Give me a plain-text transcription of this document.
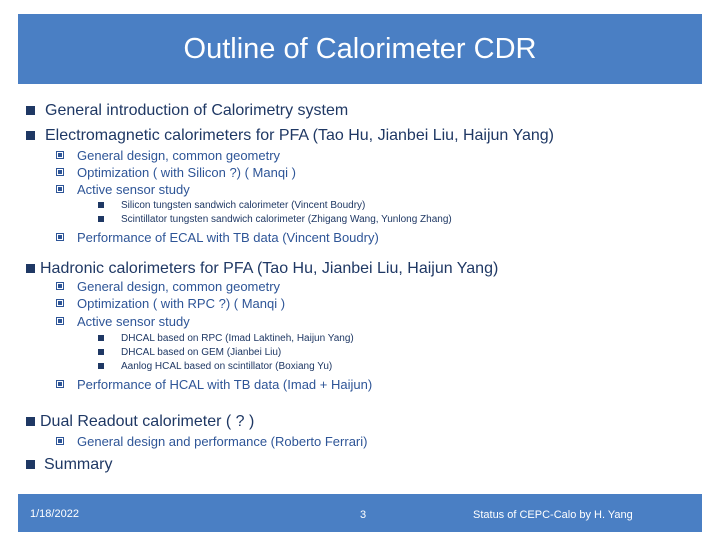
Outline of Calorimeter CDR
General introduction of Calorimetry system
Electromagnetic calorimeters for PFA (Tao Hu, Jianbei Liu, Haijun Yang)
General design, common geometry
Optimization ( with Silicon ?) ( Manqi )
Active sensor study
Silicon tungsten sandwich calorimeter (Vincent Boudry)
Scintillator tungsten sandwich calorimeter (Zhigang Wang, Yunlong Zhang)
Performance of ECAL with TB data (Vincent Boudry)
Hadronic calorimeters for PFA (Tao Hu, Jianbei Liu, Haijun Yang)
General design, common geometry
Optimization ( with RPC ?) ( Manqi )
Active sensor study
DHCAL based on RPC (Imad Laktineh, Haijun Yang)
DHCAL based on GEM (Jianbei Liu)
Aanlog HCAL based on scintillator (Boxiang Yu)
Performance of HCAL with TB data (Imad + Haijun)
Dual Readout calorimeter ( ? )
General design and performance (Roberto Ferrari)
Summary
1/18/2022	3	Status of CEPC-Calo by H. Yang
